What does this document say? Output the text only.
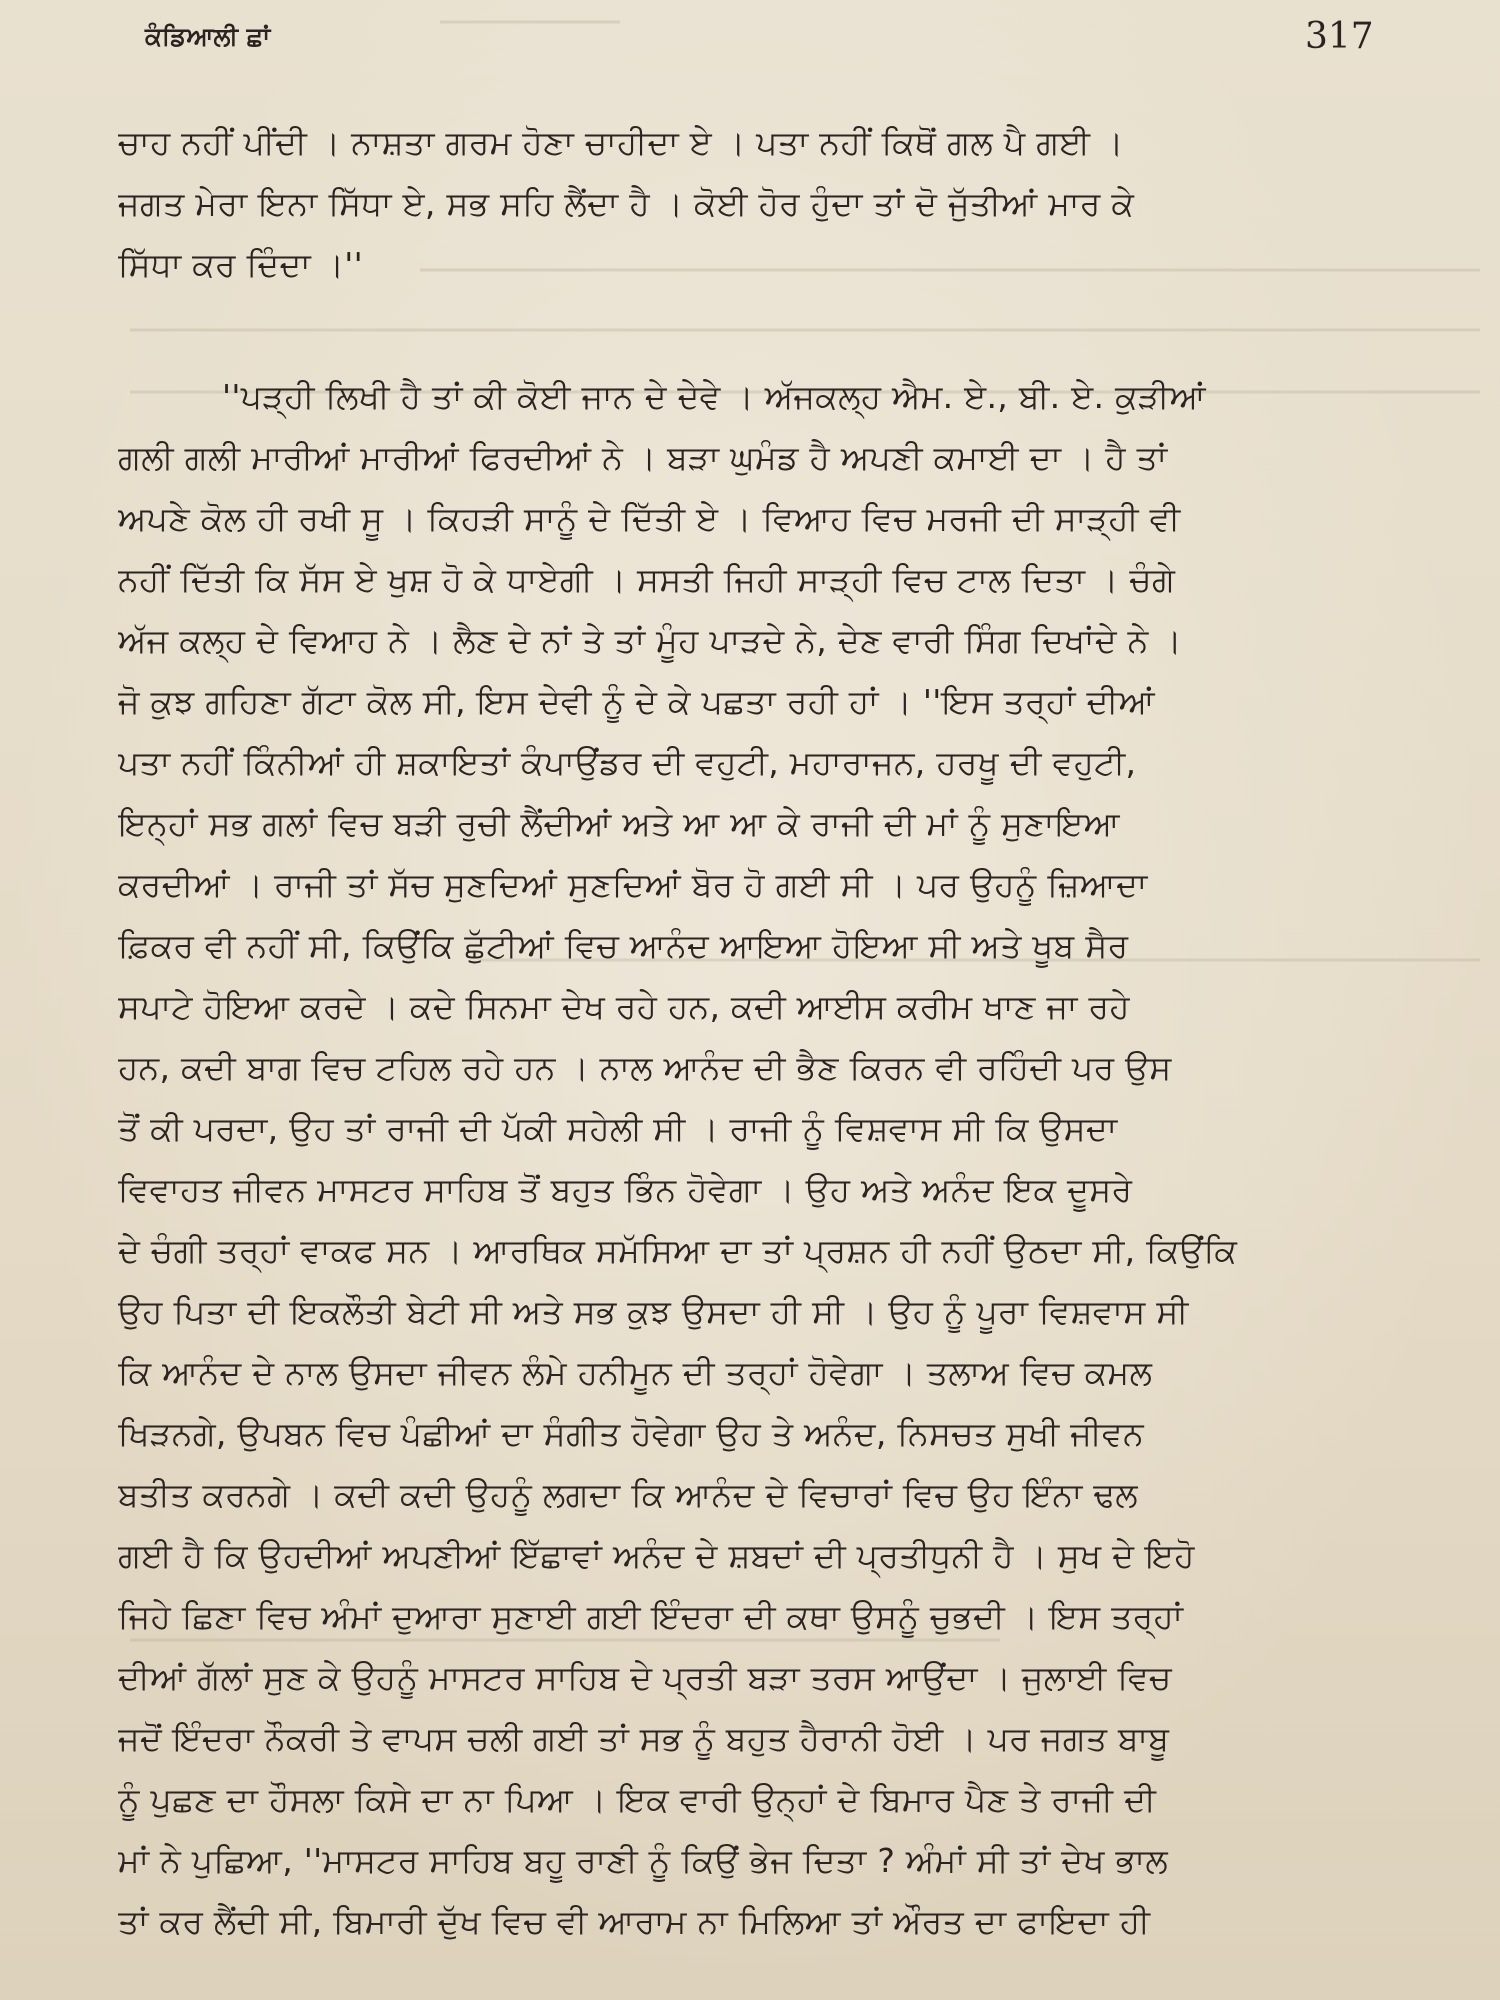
ਕੰਡਿਆਲੀ ਛਾਂ	317
ਚਾਹ ਨਹੀਂ ਪੀਂਦੀ । ਨਾਸ਼ਤਾ ਗਰਮ ਹੋਣਾ ਚਾਹੀਦਾ ਏ । ਪਤਾ ਨਹੀਂ ਕਿਥੋਂ ਗਲ ਪੈ ਗਈ ।
ਜਗਤ ਮੇਰਾ ਇਨਾ ਸਿੱਧਾ ਏ, ਸਭ ਸਹਿ ਲੈਂਦਾ ਹੈ । ਕੋਈ ਹੋਰ ਹੁੰਦਾ ਤਾਂ ਦੋ ਜੁੱਤੀਆਂ ਮਾਰ ਕੇ
ਸਿੱਧਾ ਕਰ ਦਿੰਦਾ ।''
''ਪੜ੍ਹੀ ਲਿਖੀ ਹੈ ਤਾਂ ਕੀ ਕੋਈ ਜਾਨ ਦੇ ਦੇਵੇ । ਅੱਜਕਲ੍ਹ ਐਮ. ਏ., ਬੀ. ਏ. ਕੁੜੀਆਂ
ਗਲੀ ਗਲੀ ਮਾਰੀਆਂ ਮਾਰੀਆਂ ਫਿਰਦੀਆਂ ਨੇ । ਬੜਾ ਘੁਮੰਡ ਹੈ ਅਪਣੀ ਕਮਾਈ ਦਾ । ਹੈ ਤਾਂ
ਅਪਣੇ ਕੋਲ ਹੀ ਰਖੀ ਸੂ । ਕਿਹੜੀ ਸਾਨੂੰ ਦੇ ਦਿੱਤੀ ਏ । ਵਿਆਹ ਵਿਚ ਮਰਜੀ ਦੀ ਸਾੜ੍ਹੀ ਵੀ
ਨਹੀਂ ਦਿੱਤੀ ਕਿ ਸੱਸ ਏ ਖੁਸ਼ ਹੋ ਕੇ ਧਾਏਗੀ । ਸਸਤੀ ਜਿਹੀ ਸਾੜ੍ਹੀ ਵਿਚ ਟਾਲ ਦਿਤਾ । ਚੰਗੇ
ਅੱਜ ਕਲ੍ਹ ਦੇ ਵਿਆਹ ਨੇ । ਲੈਣ ਦੇ ਨਾਂ ਤੇ ਤਾਂ ਮੂੰਹ ਪਾੜਦੇ ਨੇ, ਦੇਣ ਵਾਰੀ ਸਿੰਗ ਦਿਖਾਂਦੇ ਨੇ ।
ਜੋ ਕੁਝ ਗਹਿਣਾ ਗੱਟਾ ਕੋਲ ਸੀ, ਇਸ ਦੇਵੀ ਨੂੰ ਦੇ ਕੇ ਪਛਤਾ ਰਹੀ ਹਾਂ । ''ਇਸ ਤਰ੍ਹਾਂ ਦੀਆਂ
ਪਤਾ ਨਹੀਂ ਕਿੰਨੀਆਂ ਹੀ ਸ਼ਕਾਇਤਾਂ ਕੰਪਾਉਂਡਰ ਦੀ ਵਹੁਟੀ, ਮਹਾਰਾਜਨ, ਹਰਖੂ ਦੀ ਵਹੁਟੀ,
ਇਨ੍ਹਾਂ ਸਭ ਗਲਾਂ ਵਿਚ ਬੜੀ ਰੁਚੀ ਲੈਂਦੀਆਂ ਅਤੇ ਆ ਆ ਕੇ ਰਾਜੀ ਦੀ ਮਾਂ ਨੂੰ ਸੁਣਾਇਆ
ਕਰਦੀਆਂ । ਰਾਜੀ ਤਾਂ ਸੱਚ ਸੁਣਦਿਆਂ ਸੁਣਦਿਆਂ ਬੋਰ ਹੋ ਗਈ ਸੀ । ਪਰ ਉਹਨੂੰ ਜ਼ਿਆਦਾ
ਫ਼ਿਕਰ ਵੀ ਨਹੀਂ ਸੀ, ਕਿਉਂਕਿ ਛੁੱਟੀਆਂ ਵਿਚ ਆਨੰਦ ਆਇਆ ਹੋਇਆ ਸੀ ਅਤੇ ਖੂਬ ਸੈਰ
ਸਪਾਟੇ ਹੋਇਆ ਕਰਦੇ । ਕਦੇ ਸਿਨਮਾ ਦੇਖ ਰਹੇ ਹਨ, ਕਦੀ ਆਈਸ ਕਰੀਮ ਖਾਣ ਜਾ ਰਹੇ
ਹਨ, ਕਦੀ ਬਾਗ ਵਿਚ ਟਹਿਲ ਰਹੇ ਹਨ । ਨਾਲ ਆਨੰਦ ਦੀ ਭੈਣ ਕਿਰਨ ਵੀ ਰਹਿੰਦੀ ਪਰ ਉਸ
ਤੋਂ ਕੀ ਪਰਦਾ, ਉਹ ਤਾਂ ਰਾਜੀ ਦੀ ਪੱਕੀ ਸਹੇਲੀ ਸੀ । ਰਾਜੀ ਨੂੰ ਵਿਸ਼ਵਾਸ ਸੀ ਕਿ ਉਸਦਾ
ਵਿਵਾਹਤ ਜੀਵਨ ਮਾਸਟਰ ਸਾਹਿਬ ਤੋਂ ਬਹੁਤ ਭਿੰਨ ਹੋਵੇਗਾ । ਉਹ ਅਤੇ ਅਨੰਦ ਇਕ ਦੂਸਰੇ
ਦੇ ਚੰਗੀ ਤਰ੍ਹਾਂ ਵਾਕਫ ਸਨ । ਆਰਥਿਕ ਸਮੱਸਿਆ ਦਾ ਤਾਂ ਪ੍ਰਸ਼ਨ ਹੀ ਨਹੀਂ ਉਠਦਾ ਸੀ, ਕਿਉਂਕਿ
ਉਹ ਪਿਤਾ ਦੀ ਇਕਲੌਤੀ ਬੇਟੀ ਸੀ ਅਤੇ ਸਭ ਕੁਝ ਉਸਦਾ ਹੀ ਸੀ । ਉਹ ਨੂੰ ਪੂਰਾ ਵਿਸ਼ਵਾਸ ਸੀ
ਕਿ ਆਨੰਦ ਦੇ ਨਾਲ ਉਸਦਾ ਜੀਵਨ ਲੰਮੇ ਹਨੀਮੂਨ ਦੀ ਤਰ੍ਹਾਂ ਹੋਵੇਗਾ । ਤਲਾਅ ਵਿਚ ਕਮਲ
ਖਿੜਨਗੇ, ਉਪਬਨ ਵਿਚ ਪੰਛੀਆਂ ਦਾ ਸੰਗੀਤ ਹੋਵੇਗਾ ਉਹ ਤੇ ਅਨੰਦ, ਨਿਸਚਤ ਸੁਖੀ ਜੀਵਨ
ਬਤੀਤ ਕਰਨਗੇ । ਕਦੀ ਕਦੀ ਉਹਨੂੰ ਲਗਦਾ ਕਿ ਆਨੰਦ ਦੇ ਵਿਚਾਰਾਂ ਵਿਚ ਉਹ ਇੰਨਾ ਢਲ
ਗਈ ਹੈ ਕਿ ਉਹਦੀਆਂ ਅਪਣੀਆਂ ਇੱਛਾਵਾਂ ਅਨੰਦ ਦੇ ਸ਼ਬਦਾਂ ਦੀ ਪ੍ਰਤੀਧੁਨੀ ਹੈ । ਸੁਖ ਦੇ ਇਹੋ
ਜਿਹੇ ਛਿਣਾ ਵਿਚ ਅੰਮਾਂ ਦੁਆਰਾ ਸੁਣਾਈ ਗਈ ਇੰਦਰਾ ਦੀ ਕਥਾ ਉਸਨੂੰ ਚੁਭਦੀ । ਇਸ ਤਰ੍ਹਾਂ
ਦੀਆਂ ਗੱਲਾਂ ਸੁਣ ਕੇ ਉਹਨੂੰ ਮਾਸਟਰ ਸਾਹਿਬ ਦੇ ਪ੍ਰਤੀ ਬੜਾ ਤਰਸ ਆਉਂਦਾ । ਜੁਲਾਈ ਵਿਚ
ਜਦੋਂ ਇੰਦਰਾ ਨੌਕਰੀ ਤੇ ਵਾਪਸ ਚਲੀ ਗਈ ਤਾਂ ਸਭ ਨੂੰ ਬਹੁਤ ਹੈਰਾਨੀ ਹੋਈ । ਪਰ ਜਗਤ ਬਾਬੂ
ਨੂੰ ਪੁਛਣ ਦਾ ਹੌਸਲਾ ਕਿਸੇ ਦਾ ਨਾ ਪਿਆ । ਇਕ ਵਾਰੀ ਉਨ੍ਹਾਂ ਦੇ ਬਿਮਾਰ ਪੈਣ ਤੇ ਰਾਜੀ ਦੀ
ਮਾਂ ਨੇ ਪੁਛਿਆ, ''ਮਾਸਟਰ ਸਾਹਿਬ ਬਹੂ ਰਾਣੀ ਨੂੰ ਕਿਉਂ ਭੇਜ ਦਿਤਾ ? ਅੰਮਾਂ ਸੀ ਤਾਂ ਦੇਖ ਭਾਲ
ਤਾਂ ਕਰ ਲੈਂਦੀ ਸੀ, ਬਿਮਾਰੀ ਦੁੱਖ ਵਿਚ ਵੀ ਆਰਾਮ ਨਾ ਮਿਲਿਆ ਤਾਂ ਔਰਤ ਦਾ ਫਾਇਦਾ ਹੀ
